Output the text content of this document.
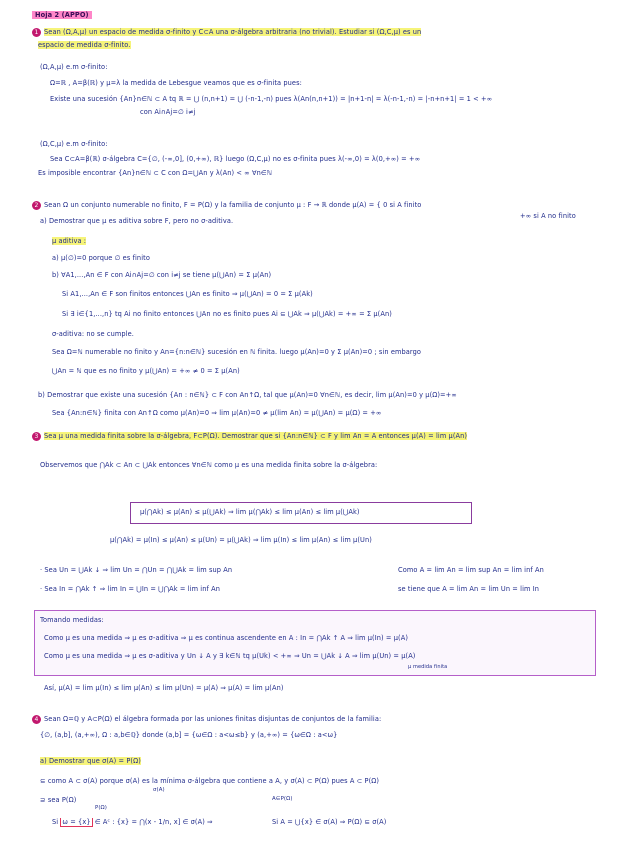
Hoja 2 (APPO)
1 Sean (Ω,A,μ) un espacio de medida σ-finito y C⊂A una σ-álgebra arbitraria (no trivial). Estudiar si (Ω,C,μ) es un
espacio de medida σ-finito.
(Ω,A,μ) e.m σ-finito:
Ω=ℝ , A=β(ℝ) y μ=λ la medida de Lebesgue veamos que es σ-finita pues:
Existe una sucesión {An}n∈ℕ ⊂ A tq ℝ = ⋃ (n,n+1) = ⋃ (-n-1,-n) pues λ(An(n,n+1)) = |n+1-n| = λ(-n-1,-n) = |-n+n+1| = 1 < +∞
con Ai∩Aj=∅ i≠j
(Ω,C,μ) e.m σ-finito:
Sea C⊂A=β(ℝ) σ-álgebra C={∅, (-∞,0], (0,+∞), ℝ} luego (Ω,C,μ) no es σ-finita pues λ(-∞,0) = λ(0,+∞) = +∞
Es imposible encontrar {An}n∈ℕ ⊂ C con Ω=⋃An y λ(An) < ∞ ∀n∈ℕ
2 Sean Ω un conjunto numerable no finito, F = P(Ω) y la familia de conjunto μ : F → ℝ̄ donde μ(A) = { 0 si A finito
+∞ si A no finito
a) Demostrar que μ es aditiva sobre F, pero no σ-aditiva.
μ aditiva :
a) μ(∅)=0 porque ∅ es finito
b) ∀A1,...,An ∈ F con Ai∩Aj=∅ con i≠j se tiene μ(⋃An) = Σ μ(An)
Si A1,...,An ∈ F son finitos entonces ⋃An es finito ⇒ μ(⋃An) = 0 = Σ μ(Ak)
Si ∃ i∈{1,...,n} tq Ai no finito entonces ⋃An no es finito pues Ai ⊆ ⋃Ak ⇒ μ(⋃Ak) = +∞ = Σ μ(An)
σ-aditiva: no se cumple.
Sea Ω=ℕ numerable no finito y An={n:n∈ℕ} sucesión en ℕ finita. luego μ(An)=0 y Σ μ(An)=0 ; sin embargo
⋃An = ℕ que es no finito y μ(⋃An) = +∞ ≠ 0 = Σ μ(An)
b) Demostrar que existe una sucesión {An : n∈ℕ} ⊂ F con An↑Ω, tal que μ(An)=0 ∀n∈ℕ, es decir, lim μ(An)=0 y μ(Ω)=+∞
Sea {An:n∈ℕ} finita con An↑Ω como μ(An)=0 ⇒ lim μ(An)=0 ≠ μ(lim An) = μ(⋃An) = μ(Ω) = +∞
3 Sea μ una medida finita sobre la σ-álgebra, F⊂P(Ω). Demostrar que si {An:n∈ℕ} ⊂ F y lim An = A entonces μ(A) = lim μ(An)
Observemos que ⋂Ak ⊂ An ⊂ ⋃Ak entonces ∀n∈ℕ como μ es una medida finita sobre la σ-álgebra:
μ(⋂Ak) ≤ μ(An) ≤ μ(⋃Ak) ⇒ lim μ(⋂Ak) ≤ lim μ(An) ≤ lim μ(⋃Ak)
μ(⋂Ak) = μ(In) ≤ μ(An) ≤ μ(Un) = μ(⋃Ak) ⇒ lim μ(In) ≤ lim μ(An) ≤ lim μ(Un)
· Sea Un = ⋃Ak ↓ ⇒ lim Un = ⋂Un = ⋂⋃Ak = lim sup An
· Sea In = ⋂Ak ↑ ⇒ lim In = ⋃In = ⋃⋂Ak = lim inf An
Como A = lim An = lim sup An = lim inf An
se tiene que A = lim An = lim Un = lim In
Tomando medidas:
Como μ es una medida ⇒ μ es σ-aditiva ⇒ μ es continua ascendente en A : In = ⋂Ak ↑ A ⇒ lim μ(In) = μ(A)
Como μ es una medida ⇒ μ es σ-aditiva y Un ↓ A y ∃ k∈ℕ tq μ(Uk) < +∞ ⇒ Un = ⋃Ak ↓ A ⇒ lim μ(Un) = μ(A)
μ medida finita
Así, μ(A) = lim μ(In) ≤ lim μ(An) ≤ lim μ(Un) = μ(A) ⇒ μ(A) = lim μ(An)
4 Sean Ω=ℚ y A⊂P(Ω) el álgebra formada por las uniones finitas disjuntas de conjuntos de la familia:
{∅, (a,b], (a,+∞), Ω : a,b∈ℚ} donde (a,b] = {ω∈Ω : a<ω≤b} y (a,+∞) = {ω∈Ω : a<ω}
a) Demostrar que σ(A) = P(Ω)
⊆ como A ⊂ σ(A) porque σ(A) es la mínima σ-álgebra que contiene a A, y σ(A) ⊂ P(Ω) pues A ⊂ P(Ω)
⊇ sea P(Ω)
σ(A)
P(Ω)
A∈P(Ω)
Si ω = {x} ∈ Aᶜ : {x} = ⋂(x - 1/n, x] ∈ σ(A) ⇒	Si A = ⋃{x} ∈ σ(A) ⇒ P(Ω) ⊆ σ(A)
